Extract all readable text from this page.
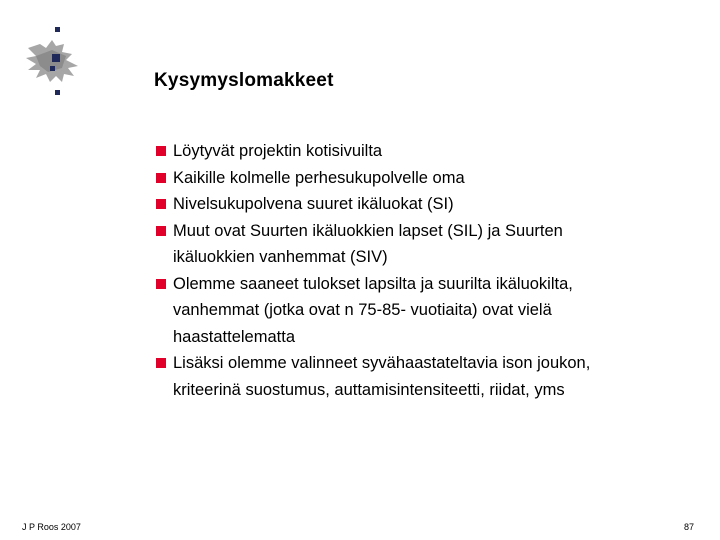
Kysymyslomakkeet
Löytyvät projektin kotisivuilta
Kaikille kolmelle perhesukupolvelle oma
Nivelsukupolvena suuret ikäluokat (SI)
Muut ovat Suurten ikäluokkien lapset (SIL) ja Suurten
ikäluokkien vanhemmat (SIV)
Olemme saaneet tulokset lapsilta ja suurilta ikäluokilta,
vanhemmat (jotka ovat n 75-85- vuotiaita) ovat vielä
haastattelematta
Lisäksi olemme valinneet syvähaastateltavia ison joukon,
kriteerinä suostumus, auttamisintensiteetti, riidat, yms
J P Roos 2007	87
